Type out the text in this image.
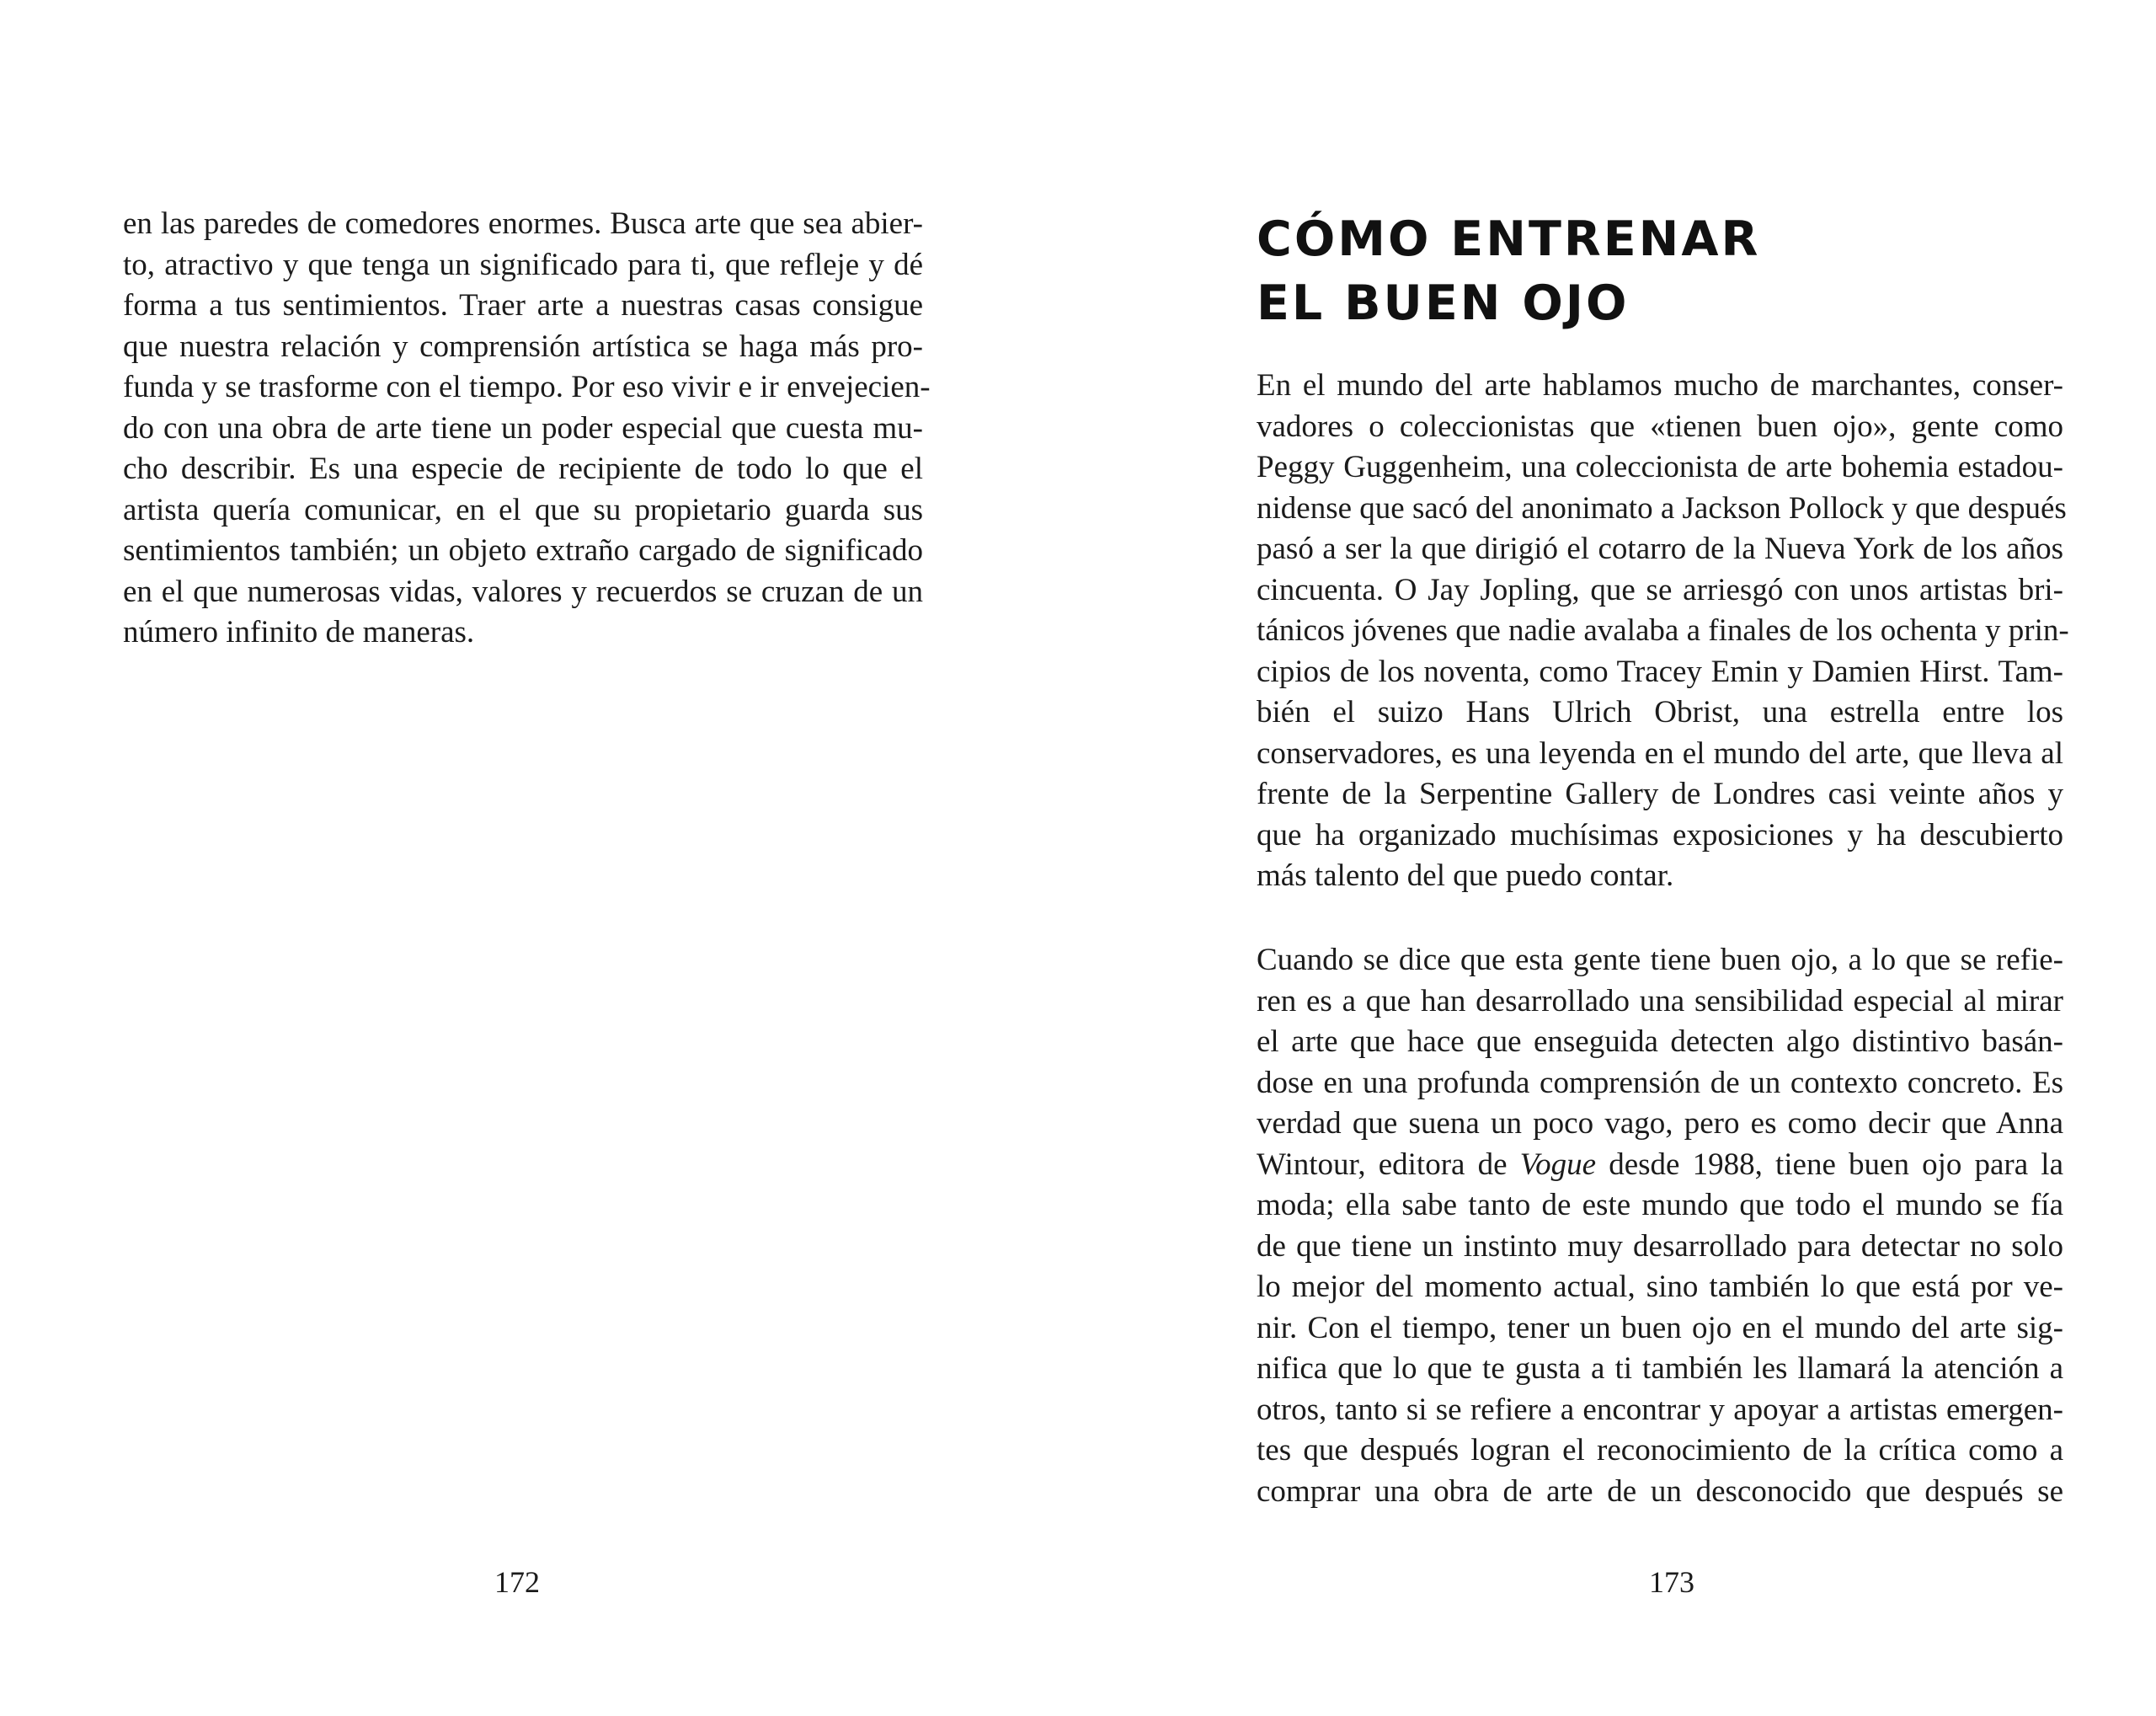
en las paredes de comedores enormes. Busca arte que sea abier-
to, atractivo y que tenga un significado para ti, que refleje y dé
forma a tus sentimientos. Traer arte a nuestras casas consigue
que nuestra relación y comprensión artística se haga más pro-
funda y se trasforme con el tiempo. Por eso vivir e ir envejecien-
do con una obra de arte tiene un poder especial que cuesta mu-
cho describir. Es una especie de recipiente de todo lo que el
artista quería comunicar, en el que su propietario guarda sus
sentimientos también; un objeto extraño cargado de significado
en el que numerosas vidas, valores y recuerdos se cruzan de un
número infinito de maneras.
172
CÓMO ENTRENAR
EL BUEN OJO
En el mundo del arte hablamos mucho de marchantes, conser-
vadores o coleccionistas que «tienen buen ojo», gente como
Peggy Guggenheim, una coleccionista de arte bohemia estadou-
nidense que sacó del anonimato a Jackson Pollock y que después
pasó a ser la que dirigió el cotarro de la Nueva York de los años
cincuenta. O Jay Jopling, que se arriesgó con unos artistas bri-
tánicos jóvenes que nadie avalaba a finales de los ochenta y prin-
cipios de los noventa, como Tracey Emin y Damien Hirst. Tam-
bién el suizo Hans Ulrich Obrist, una estrella entre los
conservadores, es una leyenda en el mundo del arte, que lleva al
frente de la Serpentine Gallery de Londres casi veinte años y
que ha organizado muchísimas exposiciones y ha descubierto
más talento del que puedo contar.
Cuando se dice que esta gente tiene buen ojo, a lo que se refie-
ren es a que han desarrollado una sensibilidad especial al mirar
el arte que hace que enseguida detecten algo distintivo basán-
dose en una profunda comprensión de un contexto concreto. Es
verdad que suena un poco vago, pero es como decir que Anna
Wintour, editora de Vogue desde 1988, tiene buen ojo para la
moda; ella sabe tanto de este mundo que todo el mundo se fía
de que tiene un instinto muy desarrollado para detectar no solo
lo mejor del momento actual, sino también lo que está por ve-
nir. Con el tiempo, tener un buen ojo en el mundo del arte sig-
nifica que lo que te gusta a ti también les llamará la atención a
otros, tanto si se refiere a encontrar y apoyar a artistas emergen-
tes que después logran el reconocimiento de la crítica como a
comprar una obra de arte de un desconocido que después se
173
